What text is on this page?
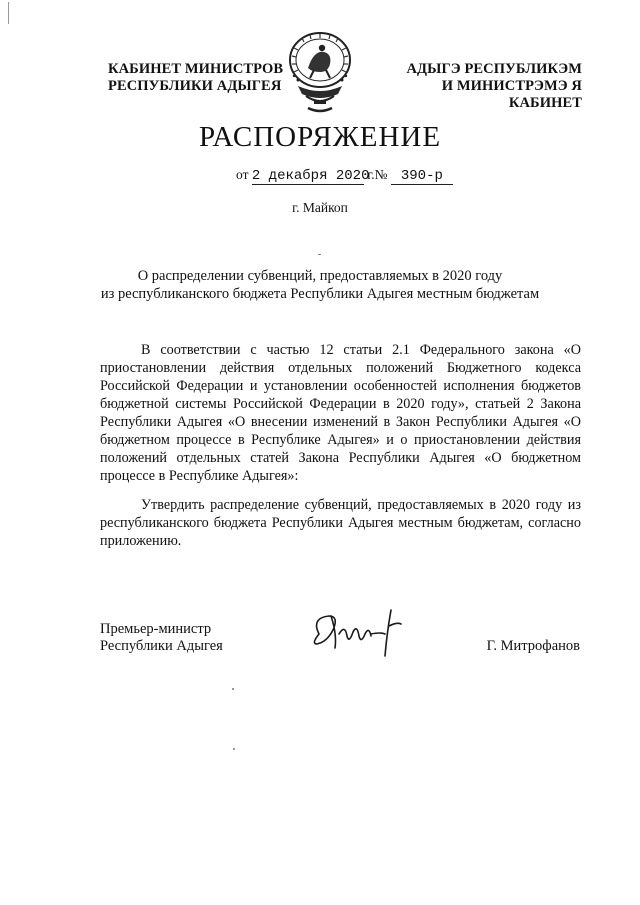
КАБИНЕТ МИНИСТРОВ
РЕСПУБЛИКИ АДЫГЕЯ
АДЫГЭ РЕСПУБЛИКЭМ
И МИНИСТРЭМЭ Я КАБИНЕТ
РАСПОРЯЖЕНИЕ
от 2 декабря 2020 г.№ 390-р
г. Майкоп
О распределении субвенций, предоставляемых в 2020 году
из республиканского бюджета Республики Адыгея местным бюджетам
В соответствии с частью 12 статьи 2.1 Федерального закона «О приостановлении действия отдельных положений Бюджетного кодекса Российской Федерации и установлении особенностей исполнения бюджетов бюджетной системы Российской Федерации в 2020 году», статьей 2 Закона Республики Адыгея «О внесении изменений в Закон Республики Адыгея «О бюджетном процессе в Республике Адыгея» и о приостановлении действия положений отдельных статей Закона Республики Адыгея «О бюджетном процессе в Республике Адыгея»:
Утвердить распределение субвенций, предоставляемых в 2020 году из республиканского бюджета Республики Адыгея местным бюджетам, согласно приложению.
Премьер-министр
Республики Адыгея	Г. Митрофанов
